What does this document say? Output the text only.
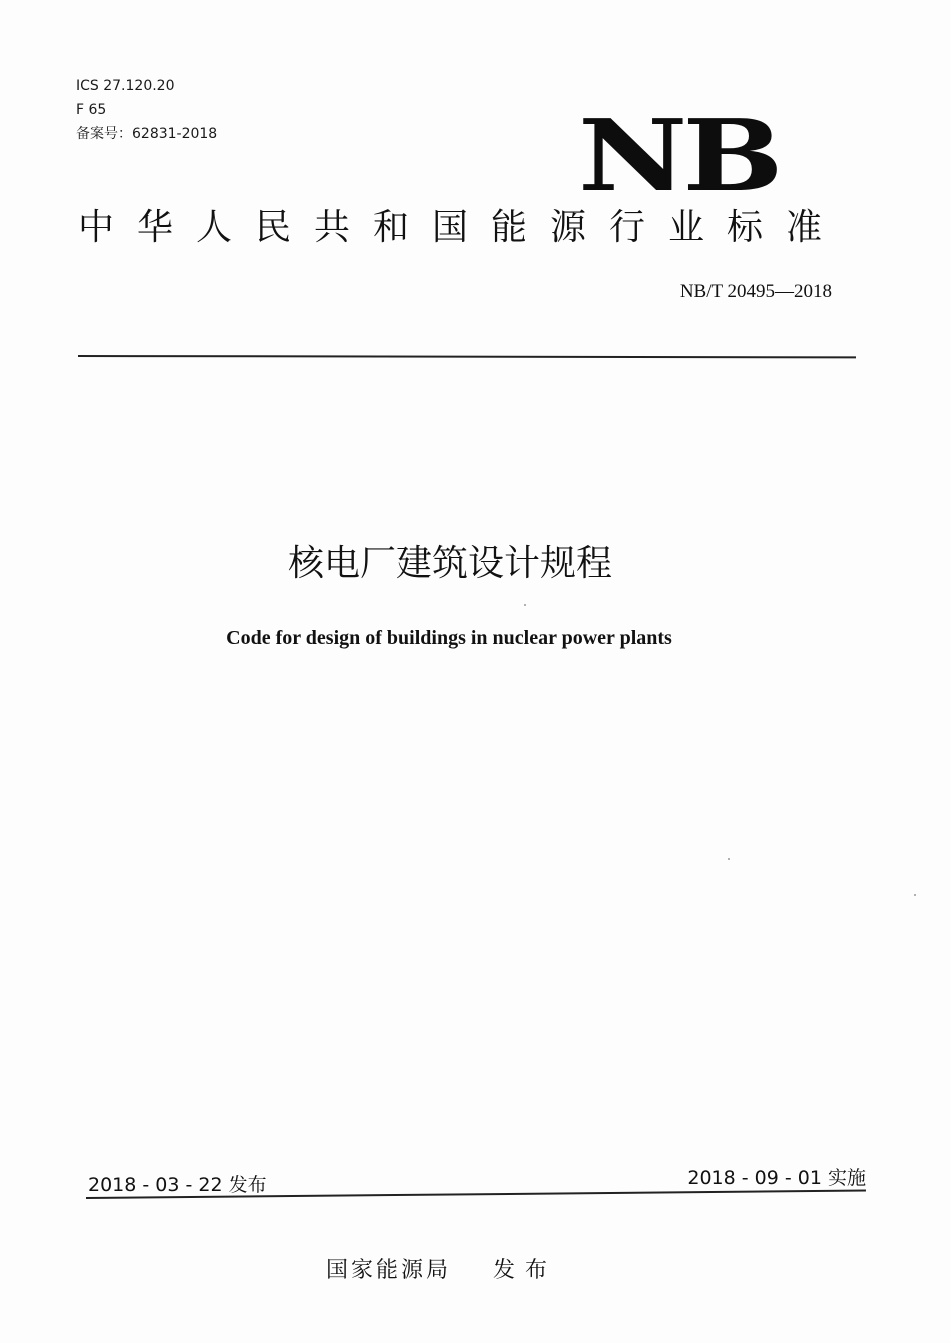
ICS 27.120.20
F 65
备案号：62831-2018	NB
中华人民共和国能源行业标准
NB/T 20495—2018
核电厂建筑设计规程
Code for design of buildings in nuclear power plants
2018 - 03 - 22 发布	2018 - 09 - 01 实施
国家能源局 发布
